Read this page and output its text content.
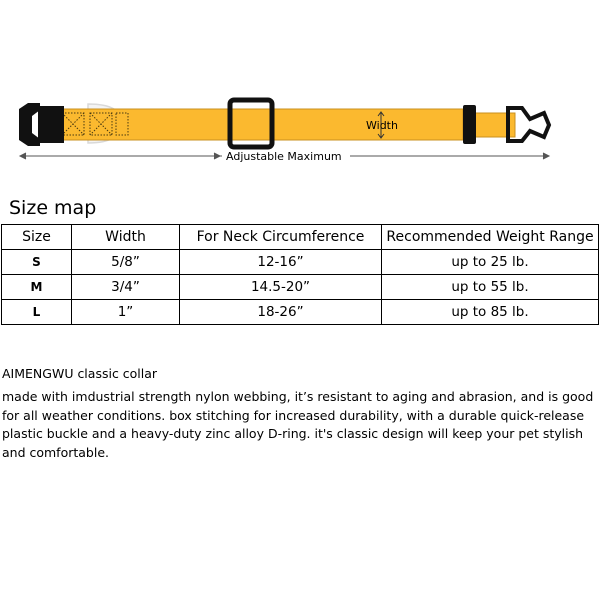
Width
Adjustable Maximum
Size map
Size	Width	For Neck Circumference	Recommended Weight Range
S	5/8”	12-16”	up to 25 lb.
M	3/4”	14.5-20”	up to 55 lb.
L	1”	18-26”	up to 85 lb.
AIMENGWU classic collar

made with imdustrial strength nylon webbing, it’s resistant to aging and abrasion, and is good for all weather conditions. box stitching for increased durability, with a durable quick-release plastic buckle and a heavy-duty zinc alloy D-ring. it's classic design will keep your pet stylish and comfortable.
